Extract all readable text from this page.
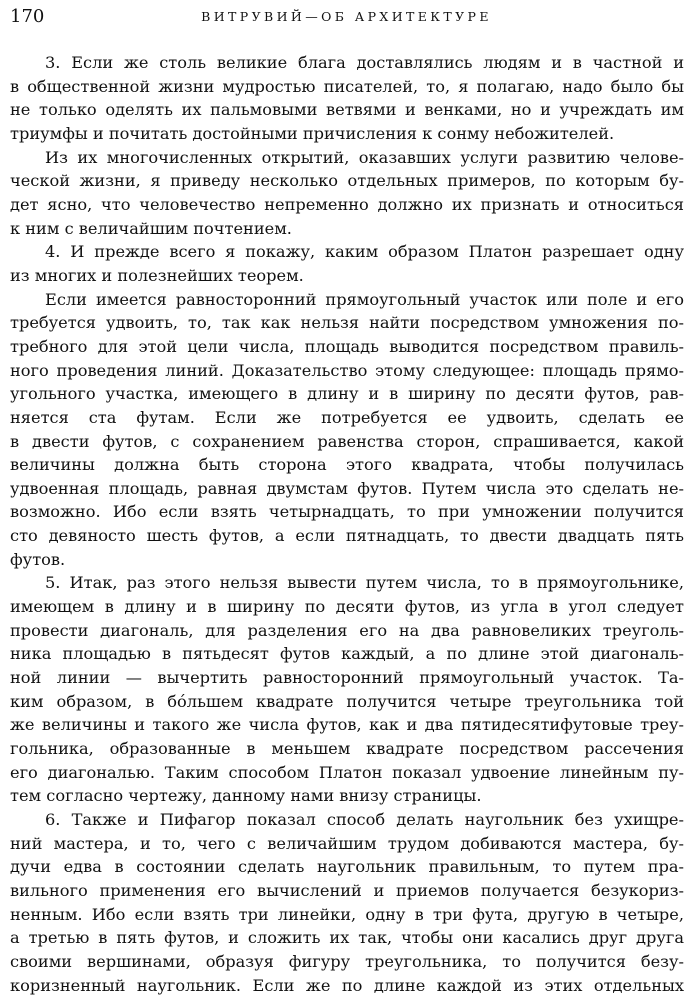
170	ВИТРУВИЙ—ОБ АРХИТЕКТУРЕ
3. Если же столь великие блага доставлялись людям и в частной и
в общественной жизни мудростью писателей, то, я полагаю, надо было бы
не только оделять их пальмовыми ветвями и венками, но и учреждать им
триумфы и почитать достойными причисления к сонму небожителей.
Из их многочисленных открытий, оказавших услуги развитию челове-
ческой жизни, я приведу несколько отдельных примеров, по которым бу-
дет ясно, что человечество непременно должно их признать и относиться
к ним с величайшим почтением.
4. И прежде всего я покажу, каким образом Платон разрешает одну
из многих и полезнейших теорем.
Если имеется равносторонний прямоугольный участок или поле и его
требуется удвоить, то, так как нельзя найти посредством умножения по-
требного для этой цели числа, площадь выводится посредством правиль-
ного проведения линий. Доказательство этому следующее: площадь прямо-
угольного участка, имеющего в длину и в ширину по десяти футов, рав-
няется ста футам. Если же потребуется ее удвоить, сделать ее
в двести футов, с сохранением равенства сторон, спрашивается, какой
величины должна быть сторона этого квадрата, чтобы получилась
удвоенная площадь, равная двумстам футов. Путем числа это сделать не-
возможно. Ибо если взять четырнадцать, то при умножении получится
сто девяносто шесть футов, а если пятнадцать, то двести двадцать пять
футов.
5. Итак, раз этого нельзя вывести путем числа, то в прямоугольнике,
имеющем в длину и в ширину по десяти футов, из угла в угол следует
провести диагональ, для разделения его на два равновеликих треуголь-
ника площадью в пятьдесят футов каждый, а по длине этой диагональ-
ной линии — вычертить равносторонний прямоугольный участок. Та-
ким образом, в бо́льшем квадрате получится четыре треугольника той
же величины и такого же числа футов, как и два пятидесятифутовые треу-
гольника, образованные в меньшем квадрате посредством рассечения
его диагональю. Таким способом Платон показал удвоение линейным пу-
тем согласно чертежу, данному нами внизу страницы.
6. Также и Пифагор показал способ делать наугольник без ухищре-
ний мастера, и то, чего с величайшим трудом добиваются мастера, бу-
дучи едва в состоянии сделать наугольник правильным, то путем пра-
вильного применения его вычислений и приемов получается безукориз-
ненным. Ибо если взять три линейки, одну в три фута, другую в четыре,
а третью в пять футов, и сложить их так, чтобы они касались друг друга
своими вершинами, образуя фигуру треугольника, то получится безу-
коризненный наугольник. Если же по длине каждой из этих отдельных
